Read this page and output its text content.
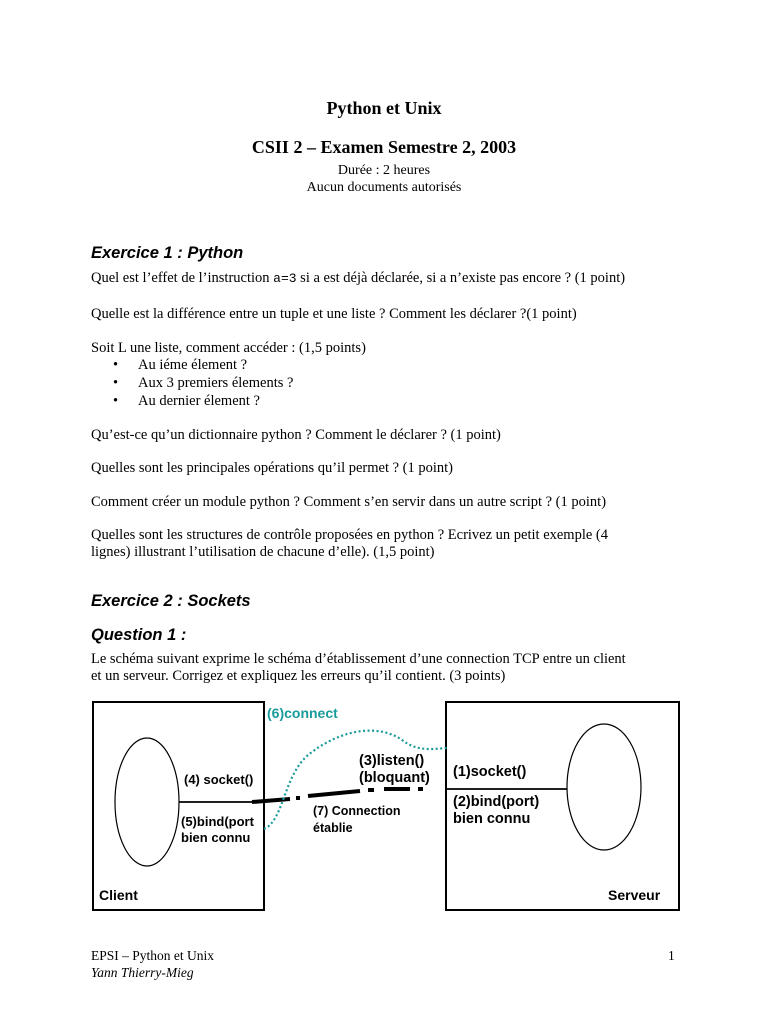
Python et Unix
CSII 2 – Examen Semestre 2, 2003
Durée : 2 heures
Aucun documents autorisés
Exercice 1 : Python
Quel est l’effet de l’instruction a=3 si a est déjà déclarée, si a n’existe pas encore ? (1 point)
Quelle est la différence entre un tuple et une liste ? Comment les déclarer ?(1 point)
Soit L une liste, comment accéder : (1,5 points)
• Au iéme élement ?
• Aux 3 premiers élements ?
• Au dernier élement ?
Qu’est-ce qu’un dictionnaire python ? Comment le déclarer ? (1 point)
Quelles sont les principales opérations qu’il permet ? (1 point)
Comment créer un module python ? Comment s’en servir dans un autre script ? (1 point)
Quelles sont les structures de contrôle proposées en python ? Ecrivez un petit exemple (4
lignes) illustrant l’utilisation de chacune d’elle). (1,5 point)
Exercice 2 : Sockets
Question 1 :
Le schéma suivant exprime le schéma d’établissement d’une connection TCP entre un client
et un serveur. Corrigez et expliquez les erreurs qu’il contient. (3 points)
(6)connect
(4) socket()
(5)bind(port
bien connu
(3)listen()
(bloquant)
(7) Connection
établie
(1)socket()
(2)bind(port)
bien connu
Client	Serveur
EPSI – Python et Unix
Yann Thierry-Mieg
1
